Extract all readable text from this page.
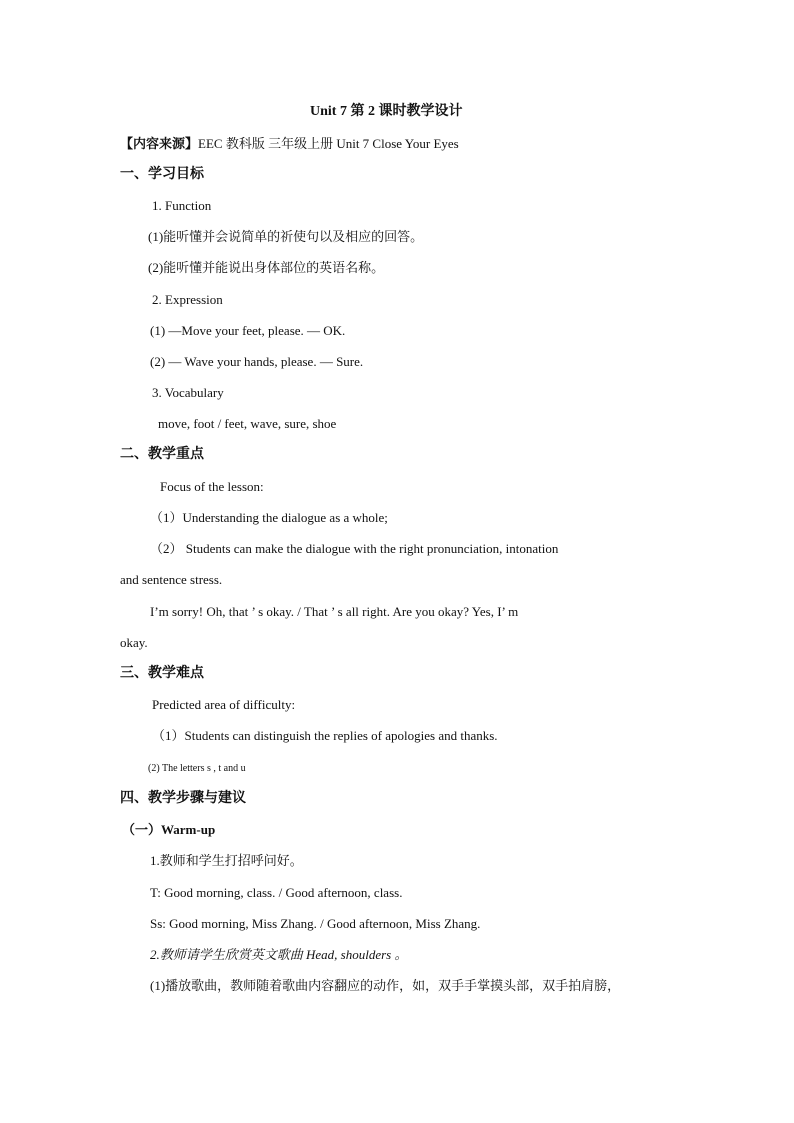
Unit 7 第 2 课时教学设计
【内容来源】EEC 教科版 三年级上册 Unit 7 Close Your Eyes
一、学习目标
1. Function
(1)能听懂并会说简单的祈使句以及相应的回答。
(2)能听懂并能说出身体部位的英语名称。
2. Expression
(1) —Move your feet, please. — OK.
(2) — Wave your hands, please. — Sure.
3. Vocabulary
move, foot / feet, wave, sure, shoe
二、教学重点
Focus of the lesson:
（1）Understanding the dialogue as a whole;
（2） Students can make the dialogue with the right pronunciation, intonation
and sentence stress.
I’m sorry! Oh, that ’ s okay. / That ’ s all right. Are you okay? Yes, I’ m
okay.
三、教学难点
Predicted area of difficulty:
（1）Students can distinguish the replies of apologies and thanks.
(2) The letters s , t and u
四、教学步骤与建议
（一）Warm-up
1.教师和学生打招呼问好。
T: Good morning, class. / Good afternoon, class.
Ss: Good morning, Miss Zhang. / Good afternoon, Miss Zhang.
2.教师请学生欣赏英文歌曲 Head, shoulders 。
(1)播放歌曲，教师随着歌曲内容翻应的动作，如，双手手掌摸头部，双手拍肩膀，
